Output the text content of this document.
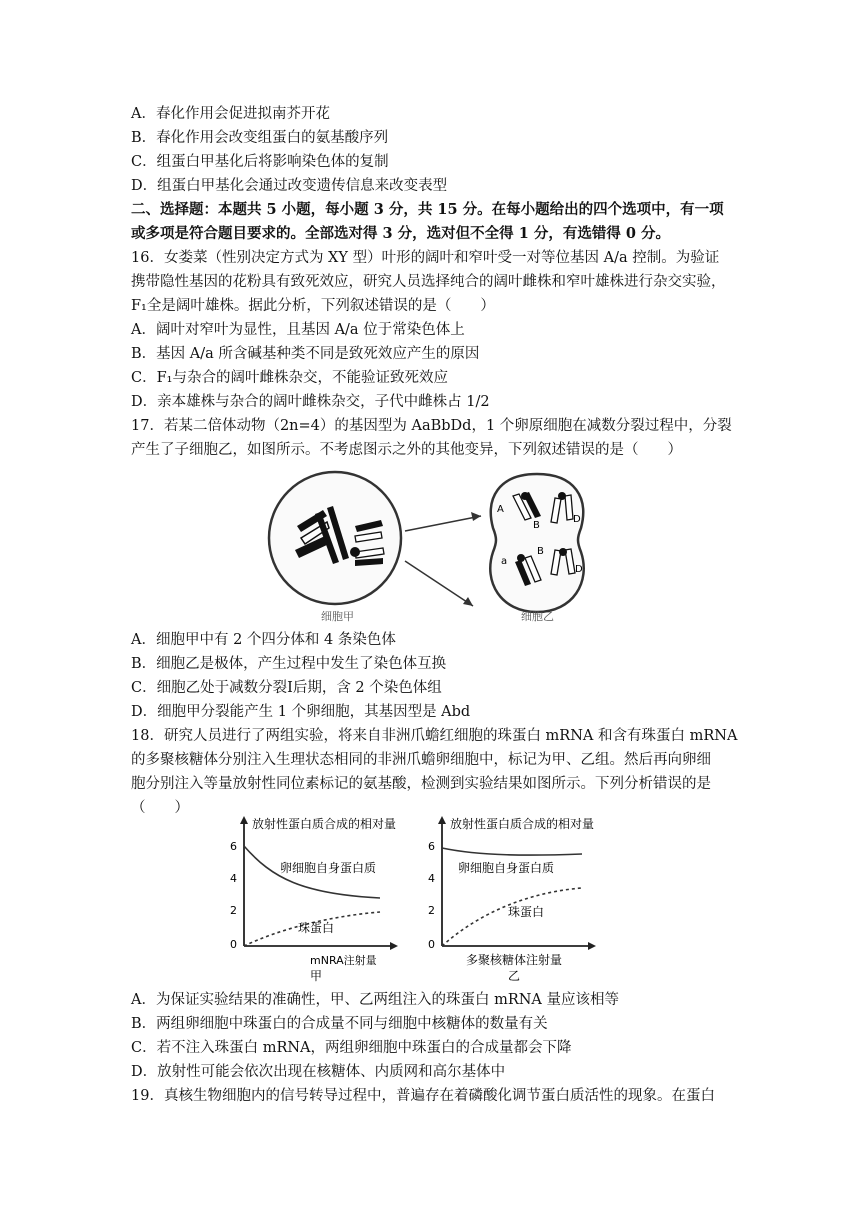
A．春化作用会促进拟南芥开花
B．春化作用会改变组蛋白的氨基酸序列
C．组蛋白甲基化后将影响染色体的复制
D．组蛋白甲基化会通过改变遗传信息来改变表型
二、选择题：本题共 5 小题，每小题 3 分，共 15 分。在每小题给出的四个选项中，有一项
或多项是符合题目要求的。全部选对得 3 分，选对但不全得 1 分，有选错得 0 分。
16．女娄菜（性别决定方式为 XY 型）叶形的阔叶和窄叶受一对等位基因 A/a 控制。为验证
携带隐性基因的花粉具有致死效应，研究人员选择纯合的阔叶雌株和窄叶雄株进行杂交实验，
F₁全是阔叶雄株。据此分析，下列叙述错误的是（　　）
A．阔叶对窄叶为显性，且基因 A/a 位于常染色体上
B．基因 A/a 所含碱基种类不同是致死效应产生的原因
C．F₁与杂合的阔叶雌株杂交，不能验证致死效应
D．亲本雄株与杂合的阔叶雌株杂交，子代中雌株占 1/2
17．若某二倍体动物（2n=4）的基因型为 AaBbDd，1 个卵原细胞在减数分裂过程中，分裂
产生了子细胞乙，如图所示。不考虑图示之外的其他变异，下列叙述错误的是（　　）
A．细胞甲中有 2 个四分体和 4 条染色体
B．细胞乙是极体，产生过程中发生了染色体互换
C．细胞乙处于减数分裂Ⅰ后期，含 2 个染色体组
D．细胞甲分裂能产生 1 个卵细胞，其基因型是 Abd
18．研究人员进行了两组实验，将来自非洲爪蟾红细胞的珠蛋白 mRNA 和含有珠蛋白 mRNA
的多聚核糖体分别注入生理状态相同的非洲爪蟾卵细胞中，标记为甲、乙组。然后再向卵细
胞分别注入等量放射性同位素标记的氨基酸，检测到实验结果如图所示。下列分析错误的是
（　　）
A．为保证实验结果的准确性，甲、乙两组注入的珠蛋白 mRNA 量应该相等
B．两组卵细胞中珠蛋白的合成量不同与细胞中核糖体的数量有关
C．若不注入珠蛋白 mRNA，两组卵细胞中珠蛋白的合成量都会下降
D．放射性可能会依次出现在核糖体、内质网和高尔基体中
19．真核生物细胞内的信号转导过程中，普遍存在着磷酸化调节蛋白质活性的现象。在蛋白
A
B
D
a
B
D
细胞甲	细胞乙
6
4
2
0
放射性蛋白质合成的相对量
卵细胞自身蛋白质
珠蛋白
mNRA注射量
甲
6
4
2
0
放射性蛋白质合成的相对量
卵细胞自身蛋白质
珠蛋白
多聚核糖体注射量
乙
